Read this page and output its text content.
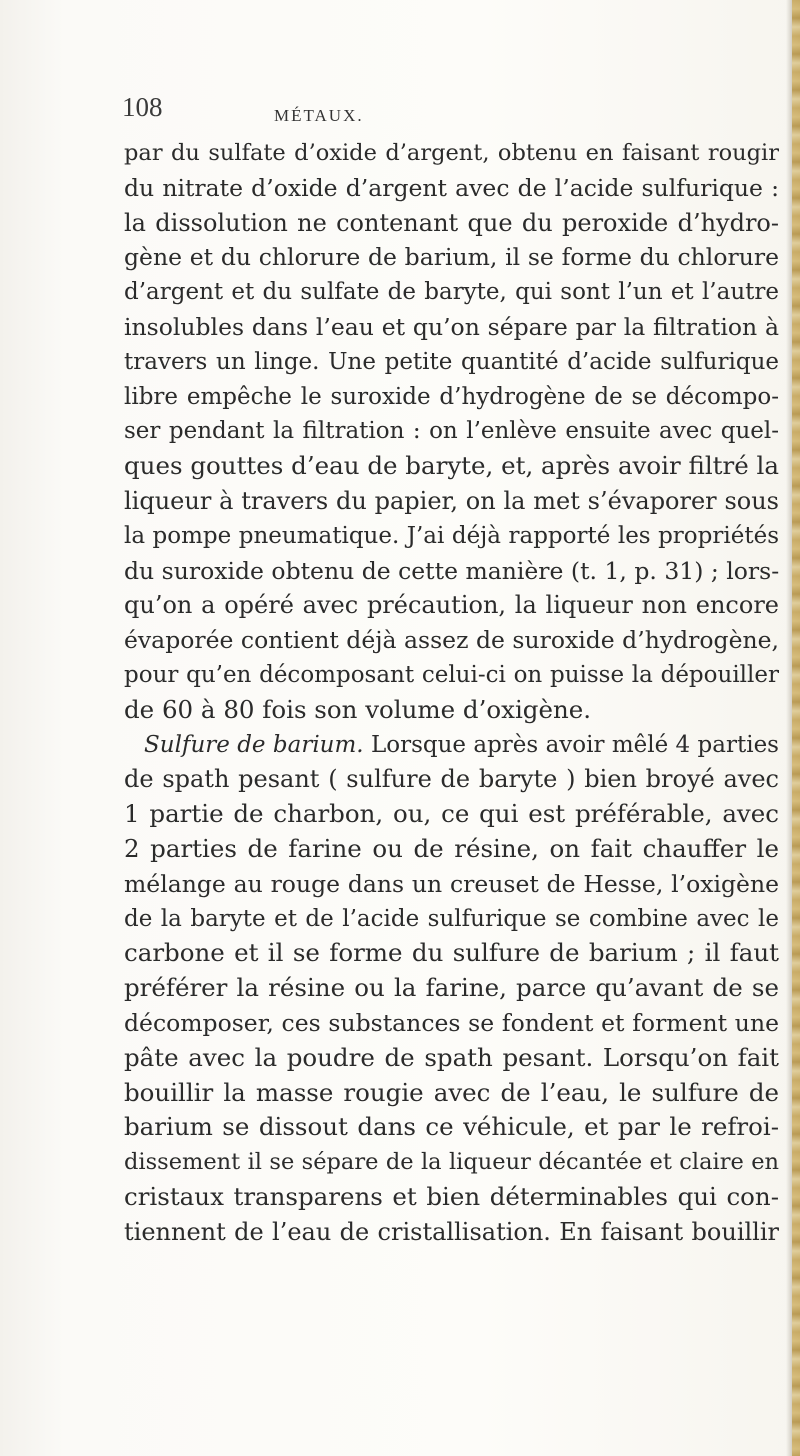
108	MÉTAUX.
par du sulfate d’oxide d’argent, obtenu en faisant rougir
du nitrate d’oxide d’argent avec de l’acide sulfurique :
la dissolution ne contenant que du peroxide d’hydro-
gène et du chlorure de barium, il se forme du chlorure
d’argent et du sulfate de baryte, qui sont l’un et l’autre
insolubles dans l’eau et qu’on sépare par la filtration à
travers un linge. Une petite quantité d’acide sulfurique
libre empêche le suroxide d’hydrogène de se décompo-
ser pendant la filtration : on l’enlève ensuite avec quel-
ques gouttes d’eau de baryte, et, après avoir filtré la
liqueur à travers du papier, on la met s’évaporer sous
la pompe pneumatique. J’ai déjà rapporté les propriétés
du suroxide obtenu de cette manière (t. 1, p. 31) ; lors-
qu’on a opéré avec précaution, la liqueur non encore
évaporée contient déjà assez de suroxide d’hydrogène,
pour qu’en décomposant celui-ci on puisse la dépouiller
de 60 à 80 fois son volume d’oxigène.
Sulfure de barium. Lorsque après avoir mêlé 4 parties
de spath pesant ( sulfure de baryte ) bien broyé avec
1 partie de charbon, ou, ce qui est préférable, avec
2 parties de farine ou de résine, on fait chauffer le
mélange au rouge dans un creuset de Hesse, l’oxigène
de la baryte et de l’acide sulfurique se combine avec le
carbone et il se forme du sulfure de barium ; il faut
préférer la résine ou la farine, parce qu’avant de se
décomposer, ces substances se fondent et forment une
pâte avec la poudre de spath pesant. Lorsqu’on fait
bouillir la masse rougie avec de l’eau, le sulfure de
barium se dissout dans ce véhicule, et par le refroi-
dissement il se sépare de la liqueur décantée et claire en
cristaux transparens et bien déterminables qui con-
tiennent de l’eau de cristallisation. En faisant bouillir
